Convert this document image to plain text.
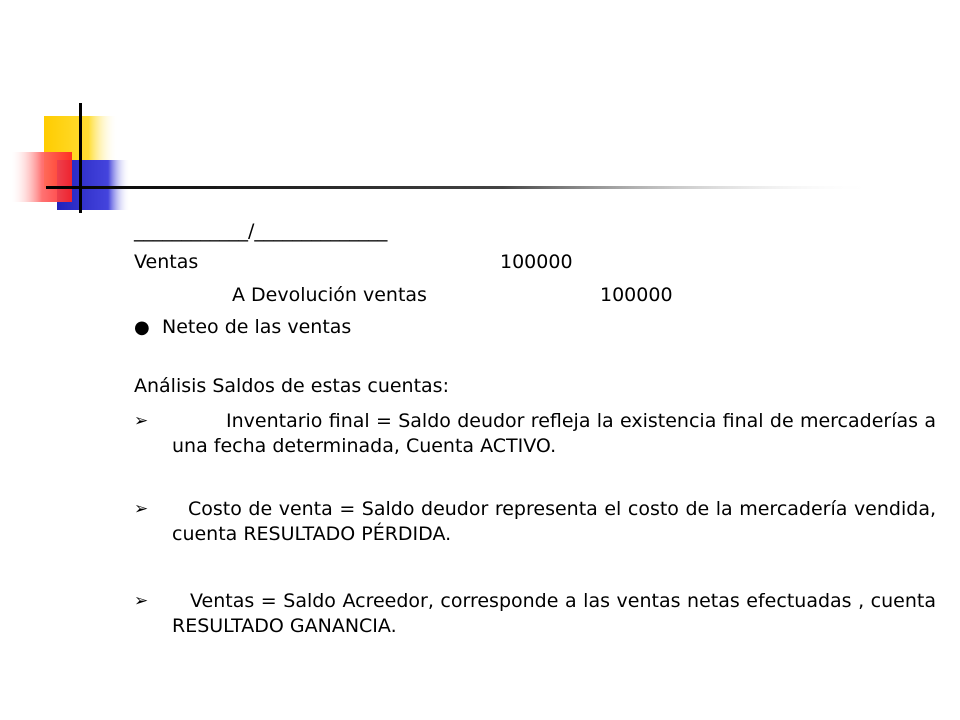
____________/______________
Ventas	100000
A Devolución ventas	100000
● Neteo de las ventas
Análisis Saldos de estas cuentas:
➢	Inventario final = Saldo deudor refleja la existencia final de mercaderías a una fecha determinada, Cuenta ACTIVO.
➢	Costo de venta = Saldo deudor representa el costo de la mercadería vendida, cuenta RESULTADO PÉRDIDA.
➢	Ventas = Saldo Acreedor, corresponde a las ventas netas efectuadas , cuenta RESULTADO GANANCIA.
